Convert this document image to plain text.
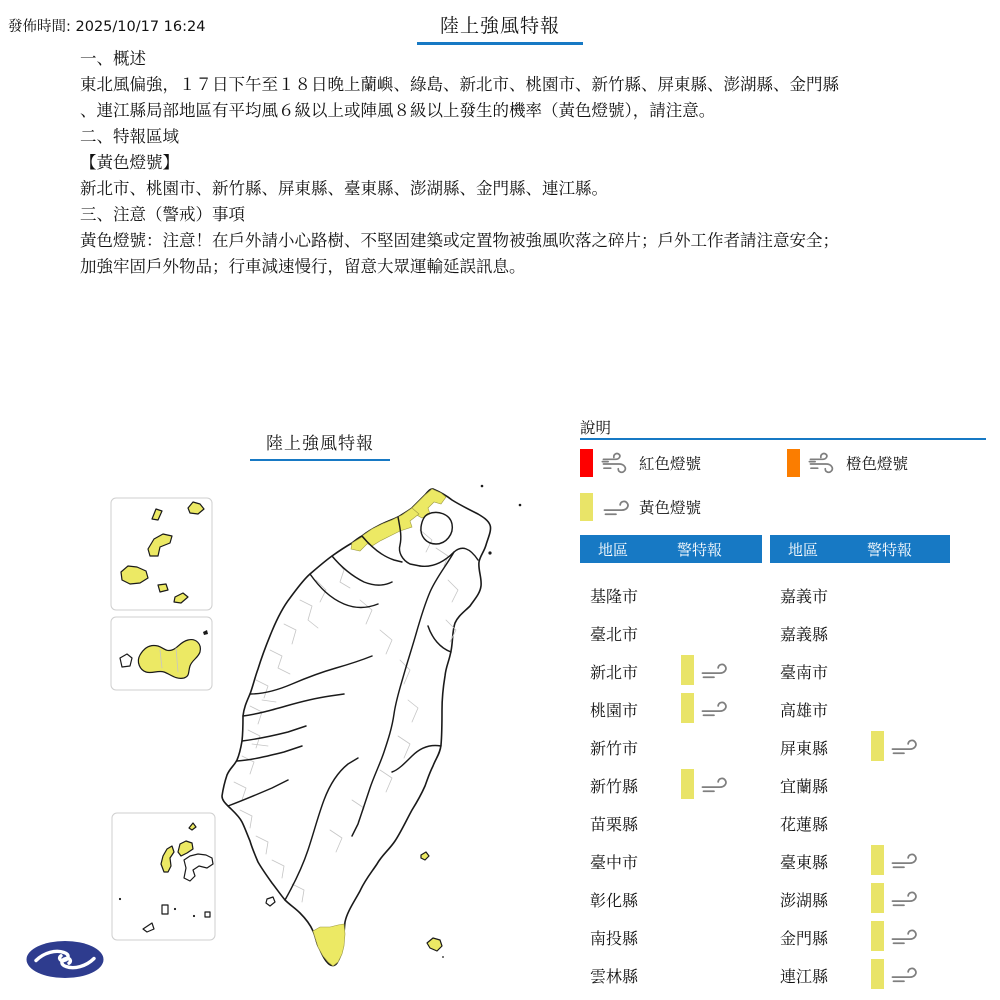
發佈時間: 2025/10/17 16:24	陸上強風特報
一、概述
東北風偏強，１７日下午至１８日晚上蘭嶼、綠島、新北市、桃園市、新竹縣、屏東縣、澎湖縣、金門縣
、連江縣局部地區有平均風６級以上或陣風８級以上發生的機率（黃色燈號），請注意。
二、特報區域
【黃色燈號】
新北市、桃園市、新竹縣、屏東縣、臺東縣、澎湖縣、金門縣、連江縣。
三、注意（警戒）事項
黃色燈號：注意！在戶外請小心路樹、不堅固建築或定置物被強風吹落之碎片；戶外工作者請注意安全；
加強牢固戶外物品；行車減速慢行，留意大眾運輸延誤訊息。
陸上強風特報
說明
紅色燈號	橙色燈號
黃色燈號
地區	警特報
基隆市
臺北市
新北市
桃園市
新竹市
新竹縣
苗栗縣
臺中市
彰化縣
南投縣
雲林縣
地區	警特報
嘉義市
嘉義縣
臺南市
高雄市
屏東縣
宜蘭縣
花蓮縣
臺東縣
澎湖縣
金門縣
連江縣
